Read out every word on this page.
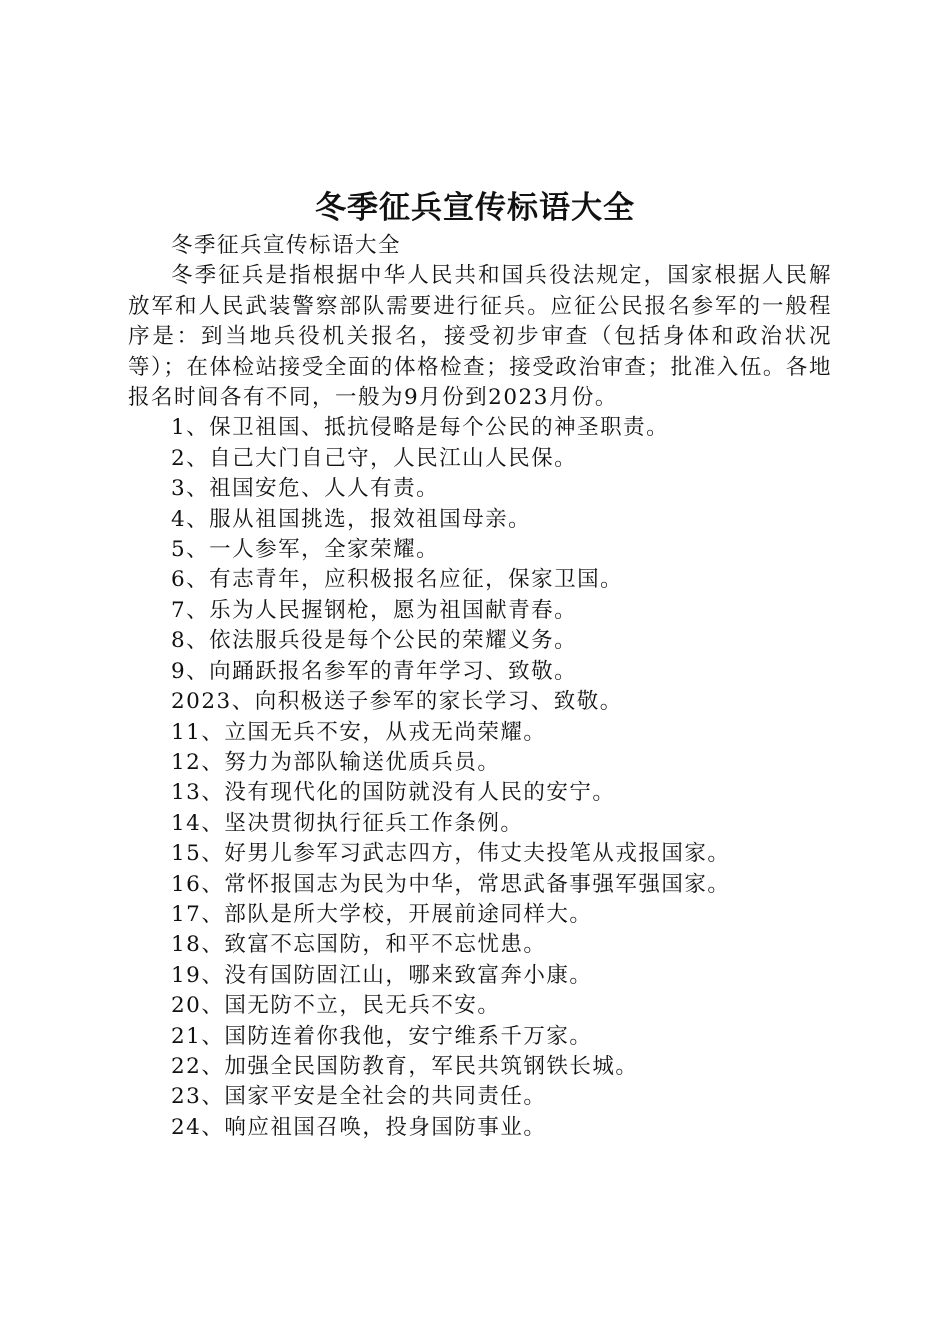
冬季征兵宣传标语大全

冬季征兵宣传标语大全

冬季征兵是指根据中华人民共和国兵役法规定，国家根据人民解放军和人民武装警察部队需要进行征兵。应征公民报名参军的一般程序是：到当地兵役机关报名，接受初步审查（包括身体和政治状况等）；在体检站接受全面的体格检查；接受政治审查；批准入伍。各地报名时间各有不同，一般为9月份到2023月份。

1、保卫祖国、抵抗侵略是每个公民的神圣职责。

2、自己大门自己守，人民江山人民保。

3、祖国安危、人人有责。

4、服从祖国挑选，报效祖国母亲。

5、一人参军，全家荣耀。

6、有志青年，应积极报名应征，保家卫国。

7、乐为人民握钢枪，愿为祖国献青春。

8、依法服兵役是每个公民的荣耀义务。

9、向踊跃报名参军的青年学习、致敬。

2023、向积极送子参军的家长学习、致敬。

11、立国无兵不安，从戎无尚荣耀。

12、努力为部队输送优质兵员。

13、没有现代化的国防就没有人民的安宁。

14、坚决贯彻执行征兵工作条例。

15、好男儿参军习武志四方，伟丈夫投笔从戎报国家。

16、常怀报国志为民为中华，常思武备事强军强国家。

17、部队是所大学校，开展前途同样大。

18、致富不忘国防，和平不忘忧患。

19、没有国防固江山，哪来致富奔小康。

20、国无防不立，民无兵不安。

21、国防连着你我他，安宁维系千万家。

22、加强全民国防教育，军民共筑钢铁长城。

23、国家平安是全社会的共同责任。

24、响应祖国召唤，投身国防事业。
